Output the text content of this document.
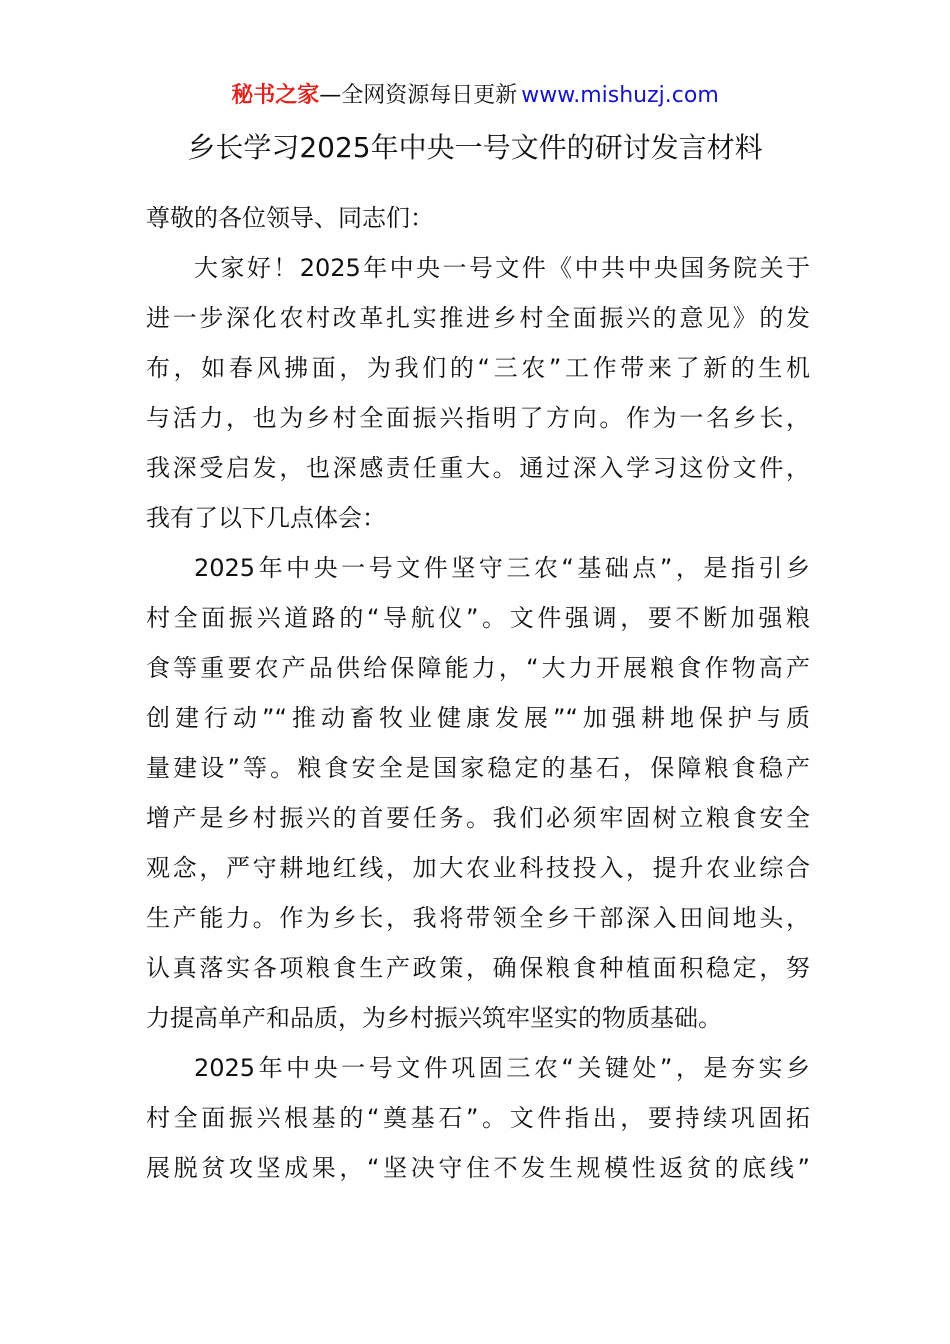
秘书之家—全网资源每日更新 www.mishuzj.com
乡长学习2025年中央一号文件的研讨发言材料
尊敬的各位领导、同志们：
大家好！2025年中央一号文件《中共中央国务院关于
进一步深化农村改革扎实推进乡村全面振兴的意见》的发
布，如春风拂面，为我们的“三农”工作带来了新的生机
与活力，也为乡村全面振兴指明了方向。作为一名乡长，
我深受启发，也深感责任重大。通过深入学习这份文件，
我有了以下几点体会：
2025年中央一号文件坚守三农“基础点”，是指引乡
村全面振兴道路的“导航仪”。文件强调，要不断加强粮
食等重要农产品供给保障能力，“大力开展粮食作物高产
创建行动”“推动畜牧业健康发展”“加强耕地保护与质
量建设”等。粮食安全是国家稳定的基石，保障粮食稳产
增产是乡村振兴的首要任务。我们必须牢固树立粮食安全
观念，严守耕地红线，加大农业科技投入，提升农业综合
生产能力。作为乡长，我将带领全乡干部深入田间地头，
认真落实各项粮食生产政策，确保粮食种植面积稳定，努
力提高单产和品质，为乡村振兴筑牢坚实的物质基础。
2025年中央一号文件巩固三农“关键处”，是夯实乡
村全面振兴根基的“奠基石”。文件指出，要持续巩固拓
展脱贫攻坚成果，“坚决守住不发生规模性返贫的底线”
